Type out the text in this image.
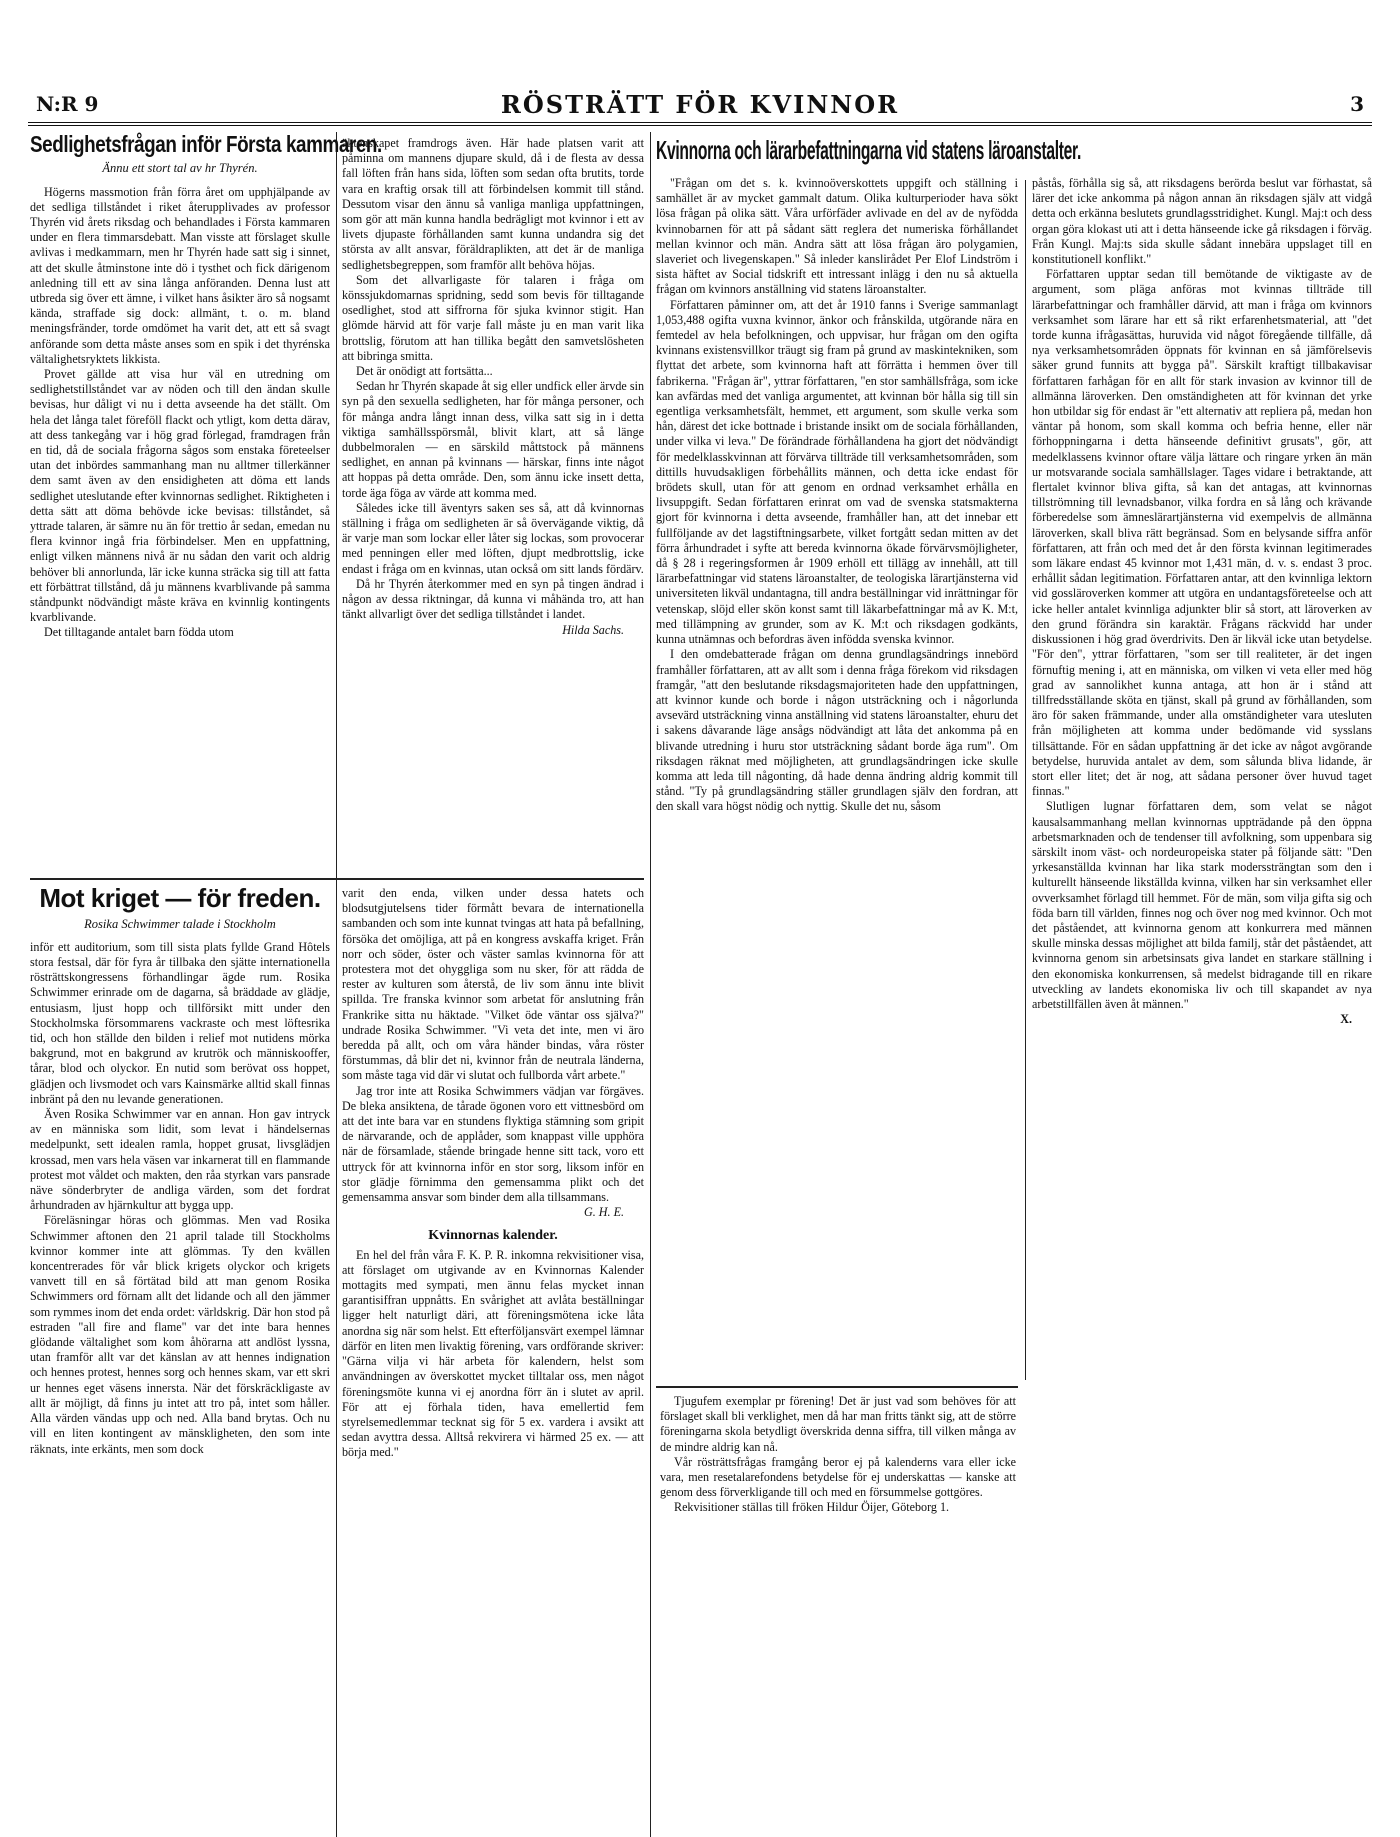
N:R 9	RÖSTRÄTT FÖR KVINNOR	3
Sedlighetsfrågan inför Första kammaren.
Ännu ett stort tal av hr Thyrén.

Högerns massmotion från förra året om upphjälpande av det sedliga tillståndet i riket återupplivades av professor Thyrén vid årets riksdag och behandlades i Första kammaren under en flera timmarsdebatt. Man visste att förslaget skulle avlivas i medkammarn, men hr Thyrén hade satt sig i sinnet, att det skulle åtminstone inte dö i tysthet och fick därigenom anledning till ett av sina långa anföranden. Denna lust att utbreda sig över ett ämne, i vilket hans åsikter äro så nogsamt kända, straffade sig dock: allmänt, t. o. m. bland meningsfränder, torde omdömet ha varit det, att ett så svagt anförande som detta måste anses som en spik i det thyrénska vältalighetsryktets likkista.

Provet gällde att visa hur väl en utredning om sedlighetstillståndet var av nöden och till den ändan skulle bevisas, hur dåligt vi nu i detta avseende ha det ställt. Om hela det långa talet föreföll flackt och ytligt, kom detta därav, att dess tankegång var i hög grad förlegad, framdragen från en tid, då de sociala frågorna sågos som enstaka företeelser utan det inbördes sammanhang man nu alltmer tillerkänner dem samt även av den ensidigheten att döma ett lands sedlighet uteslutande efter kvinnornas sedlighet. Riktigheten i detta sätt att döma behövde icke bevisas: tillståndet, så yttrade talaren, är sämre nu än för trettio år sedan, emedan nu flera kvinnor ingå fria förbindelser. Men en uppfattning, enligt vilken männens nivå är nu sådan den varit och aldrig behöver bli annorlunda, lär icke kunna sträcka sig till att fatta ett förbättrat tillstånd, då ju männens kvarblivande på samma ståndpunkt nödvändigt måste kräva en kvinnlig kontingents kvarblivande.

Det tilltagande antalet barn födda utom

äktenskapet framdrogs även. Här hade platsen varit att påminna om mannens djupare skuld, då i de flesta av dessa fall löften från hans sida, löften som sedan ofta brutits, torde vara en kraftig orsak till att förbindelsen kommit till stånd. Dessutom visar den ännu så vanliga manliga uppfattningen, som gör att män kunna handla bedrägligt mot kvinnor i ett av livets djupaste förhållanden samt kunna undandra sig det största av allt ansvar, föräldraplikten, att det är de manliga sedlighetsbegreppen, som framför allt behöva höjas.

Som det allvarligaste för talaren i fråga om könssjukdomarnas spridning, sedd som bevis för tilltagande osedlighet, stod att siffrorna för sjuka kvinnor stigit. Han glömde härvid att för varje fall måste ju en man varit lika brottslig, förutom att han tillika begått den samvetslösheten att bibringa smitta.

Det är onödigt att fortsätta...

Sedan hr Thyrén skapade åt sig eller undfick eller ärvde sin syn på den sexuella sedligheten, har för många personer, och för många andra långt innan dess, vilka satt sig in i detta viktiga samhällsspörsmål, blivit klart, att så länge dubbelmoralen — en särskild måttstock på männens sedlighet, en annan på kvinnans — härskar, finns inte något att hoppas på detta område. Den, som ännu icke insett detta, torde äga föga av värde att komma med.

Således icke till äventyrs saken ses så, att då kvinnornas ställning i fråga om sedligheten är så övervägande viktig, då är varje man som lockar eller låter sig lockas, som provocerar med penningen eller med löften, djupt medbrottslig, icke endast i fråga om en kvinnas, utan också om sitt lands fördärv.

Då hr Thyrén återkommer med en syn på tingen ändrad i någon av dessa riktningar, då kunna vi måhända tro, att han tänkt allvarligt över det sedliga tillståndet i landet.

Hilda Sachs.
Mot kriget — för freden.
Rosika Schwimmer talade i Stockholm

inför ett auditorium, som till sista plats fyllde Grand Hôtels stora festsal, där för fyra år tillbaka den sjätte internationella rösträttskongressens förhandlingar ägde rum. Rosika Schwimmer erinrade om de dagarna, så bräddade av glädje, entusiasm, ljust hopp och tillförsikt mitt under den Stockholmska försommarens vackraste och mest löftesrika tid, och hon ställde den bilden i relief mot nutidens mörka bakgrund, mot en bakgrund av krutrök och människooffer, tårar, blod och olyckor. En nutid som berövat oss hoppet, glädjen och livsmodet och vars Kainsmärke alltid skall finnas inbränt på den nu levande generationen.

Även Rosika Schwimmer var en annan. Hon gav intryck av en människa som lidit, som levat i händelsernas medelpunkt, sett idealen ramla, hoppet grusat, livsglädjen krossad, men vars hela väsen var inkarnerat till en flammande protest mot våldet och makten, den råa styrkan vars pansrade näve sönderbryter de andliga värden, som det fordrat århundraden av hjärnkultur att bygga upp.

Föreläsningar höras och glömmas. Men vad Rosika Schwimmer aftonen den 21 april talade till Stockholms kvinnor kommer inte att glömmas. Ty den kvällen koncentrerades för vår blick krigets olyckor och krigets vanvett till en så förtätad bild att man genom Rosika Schwimmers ord förnam allt det lidande och all den jämmer som rymmes inom det enda ordet: världskrig. Där hon stod på estraden "all fire and flame" var det inte bara hennes glödande vältalighet som kom åhörarna att andlöst lyssna, utan framför allt var det känslan av att hennes indignation och hennes protest, hennes sorg och hennes skam, var ett skri ur hennes eget väsens innersta. När det förskräckligaste av allt är möjligt, då finns ju intet att tro på, intet som håller. Alla värden vändas upp och ned. Alla band brytas. Och nu vill en liten kontingent av mänskligheten, den som inte räknats, inte erkänts, men som dock

varit den enda, vilken under dessa hatets och blodsutgjutelsens tider förmått bevara de internationella sambanden och som inte kunnat tvingas att hata på befallning, försöka det omöjliga, att på en kongress avskaffa kriget. Från norr och söder, öster och väster samlas kvinnorna för att protestera mot det ohyggliga som nu sker, för att rädda de rester av kulturen som återstå, de liv som ännu inte blivit spillda. Tre franska kvinnor som arbetat för anslutning från Frankrike sitta nu häktade. "Vilket öde väntar oss själva?" undrade Rosika Schwimmer. "Vi veta det inte, men vi äro beredda på allt, och om våra händer bindas, våra röster förstummas, då blir det ni, kvinnor från de neutrala länderna, som måste taga vid där vi slutat och fullborda vårt arbete."

Jag tror inte att Rosika Schwimmers vädjan var förgäves. De bleka ansiktena, de tårade ögonen voro ett vittnesbörd om att det inte bara var en stundens flyktiga stämning som gripit de närvarande, och de applåder, som knappast ville upphöra när de församlade, stående bringade henne sitt tack, voro ett uttryck för att kvinnorna inför en stor sorg, liksom inför en stor glädje förnimma den gemensamma plikt och det gemensamma ansvar som binder dem alla tillsammans.

G. H. E.
Kvinnornas kalender.

En hel del från våra F. K. P. R. inkomna rekvisitioner visa, att förslaget om utgivande av en Kvinnornas Kalender mottagits med sympati, men ännu felas mycket innan garantisiffran uppnåtts. En svårighet att avlåta beställningar ligger helt naturligt däri, att föreningsmötena icke låta anordna sig när som helst. Ett efterföljansvärt exempel lämnar därför en liten men livaktig förening, vars ordförande skriver: "Gärna vilja vi här arbeta för kalendern, helst som användningen av överskottet mycket tilltalar oss, men något föreningsmöte kunna vi ej anordna förr än i slutet av april. För att ej förhala tiden, hava emellertid fem styrelsemedlemmar tecknat sig för 5 ex. vardera i avsikt att sedan avyttra dessa. Alltså rekvirera vi härmed 25 ex. — att börja med."

Kvinnorna och lärarbefattningarna vid statens läroanstalter.

"Frågan om det s. k. kvinnoöverskottets uppgift och ställning i samhället är av mycket gammalt datum. Olika kulturperioder hava sökt lösa frågan på olika sätt. Våra urförfäder avlivade en del av de nyfödda kvinnobarnen för att på sådant sätt reglera det numeriska förhållandet mellan kvinnor och män. Andra sätt att lösa frågan äro polygamien, slaveriet och livegenskapen." Så inleder kanslirådet Per Elof Lindström i sista häftet av Social tidskrift ett intressant inlägg i den nu så aktuella frågan om kvinnors anställning vid statens läroanstalter.

Författaren påminner om, att det år 1910 fanns i Sverige sammanlagt 1,053,488 ogifta vuxna kvinnor, änkor och frånskilda, utgörande nära en femtedel av hela befolkningen, och uppvisar, hur frågan om den ogifta kvinnans existensvillkor träugt sig fram på grund av maskintekniken, som flyttat det arbete, som kvinnorna haft att förrätta i hemmen över till fabrikerna. "Frågan är", yttrar författaren, "en stor samhällsfråga, som icke kan avfärdas med det vanliga argumentet, att kvinnan bör hålla sig till sin egentliga verksamhetsfält, hemmet, ett argument, som skulle verka som hån, därest det icke bottnade i bristande insikt om de sociala förhållanden, under vilka vi leva." De förändrade förhållandena ha gjort det nödvändigt för medelklasskvinnan att förvärva tillträde till verksamhetsområden, som dittills huvudsakligen förbehållits männen, och detta icke endast för brödets skull, utan för att genom en ordnad verksamhet erhålla en livsuppgift. Sedan författaren erinrat om vad de svenska statsmakterna gjort för kvinnorna i detta avseende, framhåller han, att det innebar ett fullföljande av det lagstiftningsarbete, vilket fortgått sedan mitten av det förra århundradet i syfte att bereda kvinnorna ökade förvärvsmöjligheter, då § 28 i regeringsformen år 1909 erhöll ett tillägg av innehåll, att till lärarbefattningar vid statens läroanstalter, de teologiska lärartjänsterna vid universiteten likväl undantagna, till andra beställningar vid inrättningar för vetenskap, slöjd eller skön konst samt till läkarbefattningar må av K. M:t, med tillämpning av grunder, som av K. M:t och riksdagen godkänts, kunna utnämnas och befordras även infödda svenska kvinnor.

I den omdebatterade frågan om denna grundlagsändrings innebörd framhåller författaren, att av allt som i denna fråga förekom vid riksdagen framgår, "att den beslutande riksdagsmajoriteten hade den uppfattningen, att kvinnor kunde och borde i någon utsträckning och i någorlunda avsevärd utsträckning vinna anställning vid statens läroanstalter, ehuru det i sakens dåvarande läge ansågs nödvändigt att låta det ankomma på en blivande utredning i huru stor utsträckning sådant borde äga rum". Om riksdagen räknat med möjligheten, att grundlagsändringen icke skulle komma att leda till någonting, då hade denna ändring aldrig kommit till stånd. "Ty på grundlagsändring ställer grundlagen själv den fordran, att den skall vara högst nödig och nyttig. Skulle det nu, såsom

påstås, förhålla sig så, att riksdagens berörda beslut var förhastat, så lärer det icke ankomma på någon annan än riksdagen själv att vidgå detta och erkänna beslutets grundlagsstridighet. Kungl. Maj:t och dess organ göra klokast uti att i detta hänseende icke gå riksdagen i förväg. Från Kungl. Maj:ts sida skulle sådant innebära uppslaget till en konstitutionell konflikt."

Författaren upptar sedan till bemötande de viktigaste av de argument, som pläga anföras mot kvinnas tillträde till lärarbefattningar och framhåller därvid, att man i fråga om kvinnors verksamhet som lärare har ett så rikt erfarenhetsmaterial, att "det torde kunna ifrågasättas, huruvida vid något föregående tillfälle, då nya verksamhetsområden öppnats för kvinnan en så jämförelsevis säker grund funnits att bygga på". Särskilt kraftigt tillbakavisar författaren farhågan för en allt för stark invasion av kvinnor till de allmänna läroverken. Den omständigheten att för kvinnan det yrke hon utbildar sig för endast är "ett alternativ att repliera på, medan hon väntar på honom, som skall komma och befria henne, eller när förhoppningarna i detta hänseende definitivt grusats", gör, att medelklassens kvinnor oftare välja lättare och ringare yrken än män ur motsvarande sociala samhällslager. Tages vidare i betraktande, att flertalet kvinnor bliva gifta, så kan det antagas, att kvinnornas tillströmning till levnadsbanor, vilka fordra en så lång och krävande förberedelse som ämneslärartjänsterna vid exempelvis de allmänna läroverken, skall bliva rätt begränsad. Som en belysande siffra anför författaren, att från och med det år den första kvinnan legitimerades som läkare endast 45 kvinnor mot 1,431 män, d. v. s. endast 3 proc. erhållit sådan legitimation. Författaren antar, att den kvinnliga lektorn vid gossläroverken kommer att utgöra en undantagsföreteelse och att icke heller antalet kvinnliga adjunkter blir så stort, att läroverken av den grund förändra sin karaktär. Frågans räckvidd har under diskussionen i hög grad överdrivits. Den är likväl icke utan betydelse. "För den", yttrar författaren, "som ser till realiteter, är det ingen förnuftig mening i, att en människa, om vilken vi veta eller med hög grad av sannolikhet kunna antaga, att hon är i stånd att tillfredsställande sköta en tjänst, skall på grund av förhållanden, som äro för saken främmande, under alla omständigheter vara utesluten från möjligheten att komma under bedömande vid sysslans tillsättande. För en sådan uppfattning är det icke av något avgörande betydelse, huruvida antalet av dem, som sålunda bliva lidande, är stort eller litet; det är nog, att sådana personer över huvud taget finnas."

Slutligen lugnar författaren dem, som velat se något kausalsammanhang mellan kvinnornas uppträdande på den öppna arbetsmarknaden och de tendenser till avfolkning, som uppenbara sig särskilt inom väst- och nordeuropeiska stater på följande sätt: "Den yrkesanställda kvinnan har lika stark moderssträngtan som den i kulturellt hänseende likställda kvinna, vilken har sin verksamhet eller ovverksamhet förlagd till hemmet. För de män, som vilja gifta sig och föda barn till världen, finnes nog och över nog med kvinnor. Och mot det påståendet, att kvinnorna genom att konkurrera med männen skulle minska dessas möjlighet att bilda familj, står det påståendet, att kvinnorna genom sin arbetsinsats giva landet en starkare ställning i den ekonomiska konkurrensen, så medelst bidragande till en rikare utveckling av landets ekonomiska liv och till skapandet av nya arbetstillfällen även åt männen."

X.

Tjugufem exemplar pr förening! Det är just vad som behöves för att förslaget skall bli verklighet, men då har man fritts tänkt sig, att de större föreningarna skola betydligt överskrida denna siffra, till vilken många av de mindre aldrig kan nå.

Vår rösträttsfrågas framgång beror ej på kalenderns vara eller icke vara, men resetalarefondens betydelse för ej underskattas — kanske att genom dess förverkligande till och med en försummelse gottgöres.

Rekvisitioner ställas till fröken Hildur Öijer, Göteborg 1.
